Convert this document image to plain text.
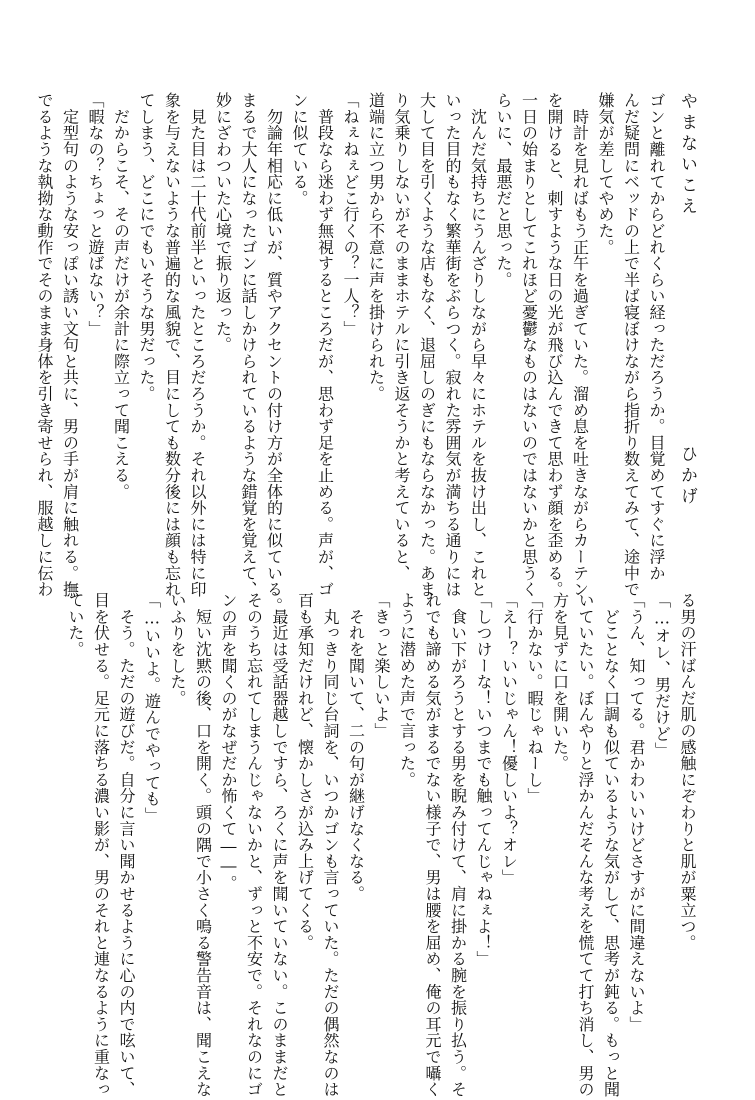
やまないこえ
ひかげ
ゴンと離れてからどれくらい経っただろうか。目覚めてすぐに浮か
んだ疑問にベッドの上で半ば寝ぼけながら指折り数えてみて、途中で
嫌気が差してやめた。
　時計を見ればもう正午を過ぎていた。溜め息を吐きながらカーテン
を開けると、刺すような日の光が飛び込んできて思わず顔を歪める。
一日の始まりとしてこれほど憂鬱なものはないのではないかと思うく
らいに、最悪だと思った。
　沈んだ気持ちにうんざりしながら早々にホテルを抜け出し、これと
いった目的もなく繁華街をぶらつく。寂れた雰囲気が満ちる通りには
大して目を引くような店もなく、退屈しのぎにもならなかった。あま
り気乗りしないがそのままホテルに引き返そうかと考えていると、
道端に立つ男から不意に声を掛けられた。
「ねぇねぇどこ行くの？一人？」
　普段なら迷わず無視するところだが、思わず足を止める。声が、ゴ
ンに似ている。
　勿論年相応に低いが、質やアクセントの付け方が全体的に似ている。
まるで大人になったゴンに話しかけられているような錯覚を覚えて、
妙にざわついた心境で振り返った。
　見た目は二十代前半といったところだろうか。それ以外には特に印
象を与えないような普遍的な風貌で、目にしても数分後には顔も忘れ
てしまう、どこにでもいそうな男だった。
　だからこそ、その声だけが余計に際立って聞こえる。
「暇なの？ちょっと遊ばない？」
　定型句のような安っぽい誘い文句と共に、男の手が肩に触れる。撫
でるような執拗な動作でそのまま身体を引き寄せられ、服越しに伝わ
る男の汗ばんだ肌の感触にぞわりと肌が粟立つ。
「…オレ、男だけど」
「うん、知ってる。君かわいいけどさすがに間違えないよ」
　どことなく口調も似ているような気がして、思考が鈍る。もっと聞
いていたい。ぼんやりと浮かんだそんな考えを慌てて打ち消し、男の
方を見ずに口を開いた。
「行かない。暇じゃねーし」
「えー？いいじゃん！優しいよ？オレ」
「しつけーな！いつまでも触ってんじゃねぇよ！」
　食い下がろうとする男を睨み付けて、肩に掛かる腕を振り払う。そ
れでも諦める気がまるでない様子で、男は腰を屈め、俺の耳元で囁く
ように潜めた声で言った。
「きっと楽しいよ」
　それを聞いて、二の句が継げなくなる。
　丸っきり同じ台詞を、いつかゴンも言っていた。ただの偶然なのは
百も承知だけれど、懐かしさが込み上げてくる。
　最近は受話器越しですら、ろくに声を聞いていない。このままだと
そのうち忘れてしまうんじゃないかと、ずっと不安で。それなのにゴ
ンの声を聞くのがなぜだか怖くて――。
　短い沈黙の後、口を開く。頭の隅で小さく鳴る警告音は、聞こえな
いふりをした。
「…いいよ。遊んでやっても」
　そう。ただの遊びだ。自分に言い聞かせるように心の内で呟いて、
目を伏せる。足元に落ちる濃い影が、男のそれと連なるように重なっ
ていた。
